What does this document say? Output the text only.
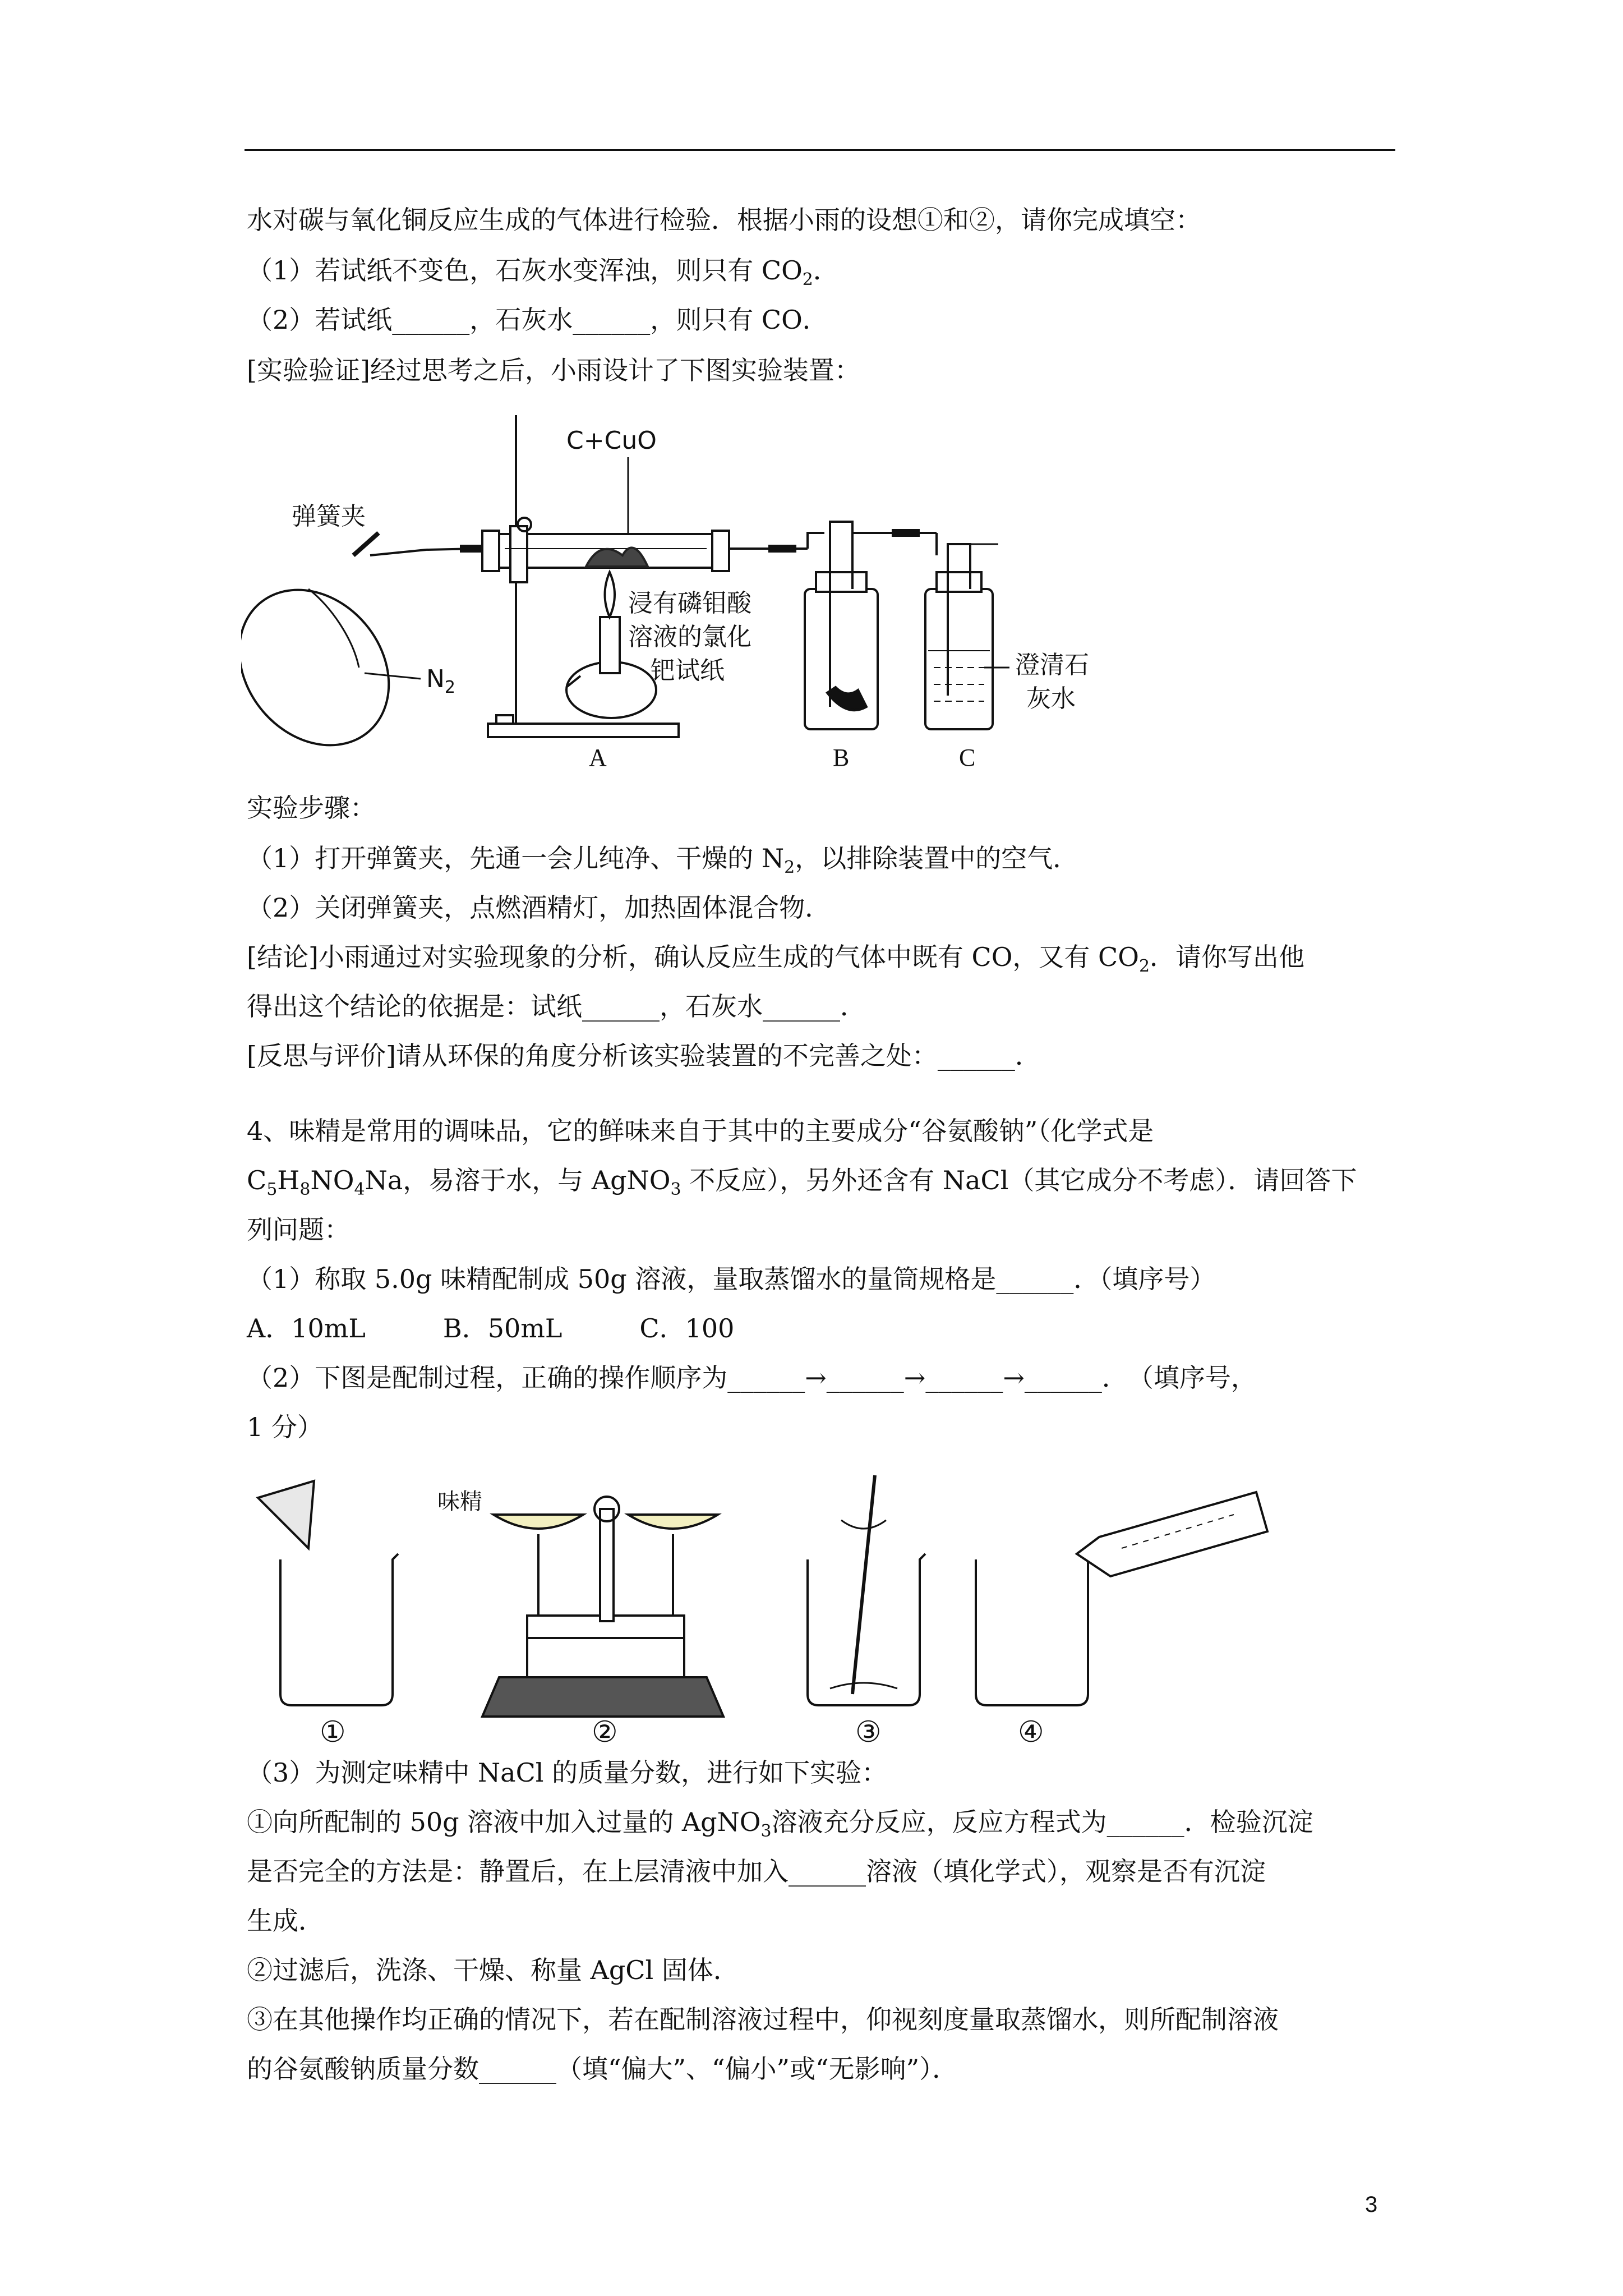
水对碳与氧化铜反应生成的气体进行检验．根据小雨的设想①和②，请你完成填空：
（1）若试纸不变色，石灰水变浑浊，则只有 $CO_2$．
（2）若试纸______，石灰水______，则只有 CO．
[实验验证]经过思考之后，小雨设计了下图实验装置：
弹簧夹
C+CuO
$N_2$
浸有磷钼酸
溶液的氯化
钯试纸	澄清石
灰水
A	B	C
实验步骤：
（1）打开弹簧夹，先通一会儿纯净、干燥的 $N_2$，以排除装置中的空气．
（2）关闭弹簧夹，点燃酒精灯，加热固体混合物．
[结论]小雨通过对实验现象的分析，确认反应生成的气体中既有 CO，又有 $CO_2$．请你写出他
得出这个结论的依据是：试纸______，石灰水______．
[反思与评价]请从环保的角度分析该实验装置的不完善之处：______．
4、味精是常用的调味品，它的鲜味来自于其中的主要成分“谷氨酸钠”（化学式是
$C_5H_8NO_4Na$，易溶于水，与 AgNO$_3$ 不反应），另外还含有 NaCl（其它成分不考虑）．请回答下
列问题：
（1）称取 5.0g 味精配制成 50g 溶液，量取蒸馏水的量筒规格是______．（填序号）
A．10mL　　　B．50mL　　　C．100
（2）下图是配制过程，正确的操作顺序为______→______→______→______．　（填序号，
1 分）
味精
①	②	③	④
（3）为测定味精中 NaCl 的质量分数，进行如下实验：
①向所配制的 50g 溶液中加入过量的 AgNO$_3$溶液充分反应，反应方程式为______．检验沉淀
是否完全的方法是：静置后，在上层清液中加入______溶液（填化学式），观察是否有沉淀
生成．
②过滤后，洗涤、干燥、称量 AgCl 固体．
③在其他操作均正确的情况下，若在配制溶液过程中，仰视刻度量取蒸馏水，则所配制溶液
的谷氨酸钠质量分数______（填“偏大”、“偏小”或“无影响”）．
3
